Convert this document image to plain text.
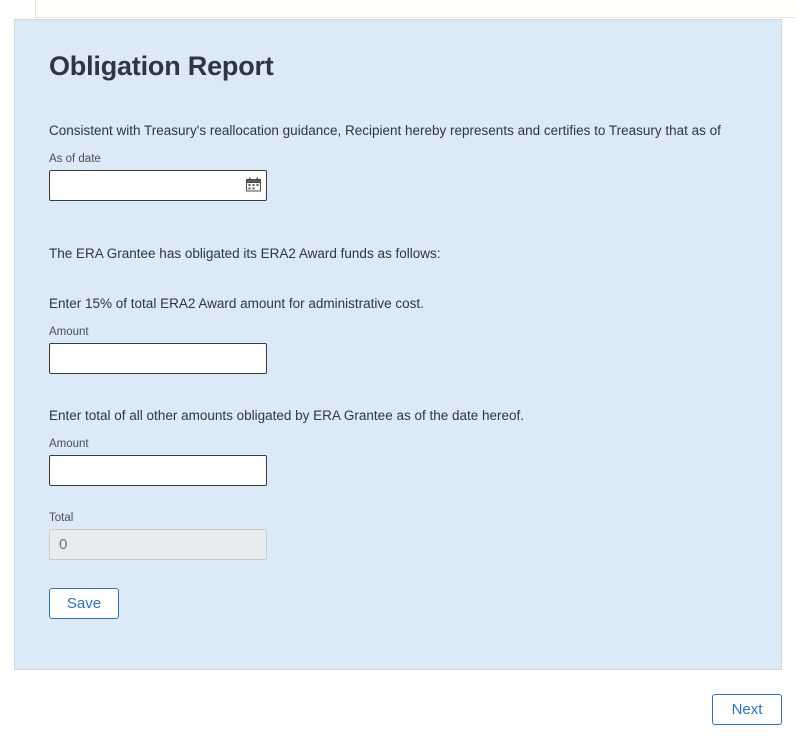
Obligation Report
Consistent with Treasury's reallocation guidance, Recipient hereby represents and certifies to Treasury that as of
As of date
The ERA Grantee has obligated its ERA2 Award funds as follows:
Enter 15% of total ERA2 Award amount for administrative cost.
Amount
Enter total of all other amounts obligated by ERA Grantee as of the date hereof.
Amount
Total
0
Save
Next
